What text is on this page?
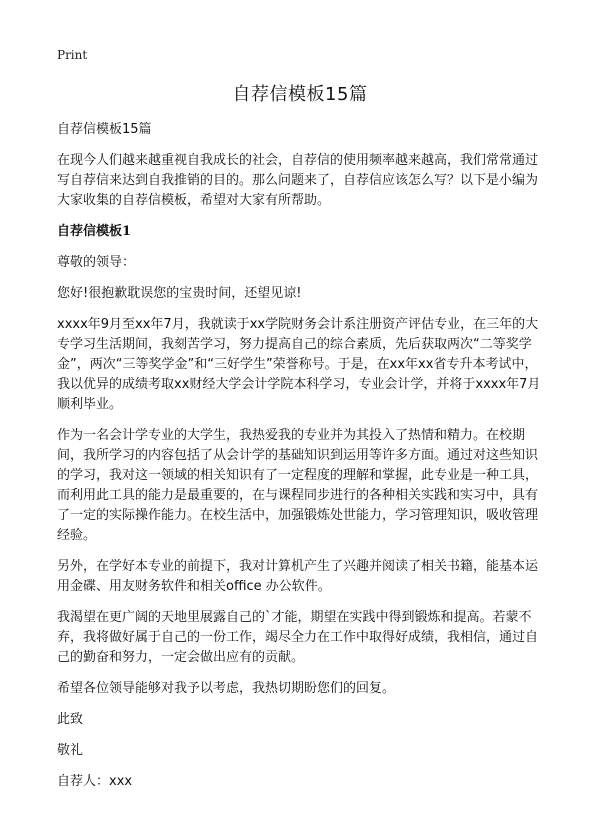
Print
自荐信模板15篇

自荐信模板15篇

在现今人们越来越重视自我成长的社会，自荐信的使用频率越来越高，我们常常通过写自荐信来达到自我推销的目的。那么问题来了，自荐信应该怎么写？以下是小编为大家收集的自荐信模板，希望对大家有所帮助。

自荐信模板1

尊敬的领导：

您好!很抱歉耽误您的宝贵时间，还望见谅!

xxxx年9月至xx年7月，我就读于xx学院财务会计系注册资产评估专业，在三年的大专学习生活期间，我刻苦学习，努力提高自己的综合素质，先后获取两次“二等奖学金”，两次“三等奖学金”和“三好学生”荣誉称号。于是，在xx年xx省专升本考试中，我以优异的成绩考取xx财经大学会计学院本科学习，专业会计学，并将于xxxx年7月顺利毕业。

作为一名会计学专业的大学生，我热爱我的专业并为其投入了热情和精力。在校期间，我所学习的内容包括了从会计学的基础知识到运用等许多方面。通过对这些知识的学习，我对这一领域的相关知识有了一定程度的理解和掌握，此专业是一种工具，而利用此工具的能力是最重要的，在与课程同步进行的各种相关实践和实习中，具有了一定的实际操作能力。在校生活中，加强锻炼处世能力，学习管理知识，吸收管理经验。

另外，在学好本专业的前提下，我对计算机产生了兴趣并阅读了相关书籍，能基本运用金碟、用友财务软件和相关office 办公软件。

我渴望在更广阔的天地里展露自己的`才能，期望在实践中得到锻炼和提高。若蒙不弃，我将做好属于自己的一份工作，竭尽全力在工作中取得好成绩，我相信，通过自己的勤奋和努力，一定会做出应有的贡献。

希望各位领导能够对我予以考虑，我热切期盼您们的回复。

此致

敬礼

自荐人：xxx
